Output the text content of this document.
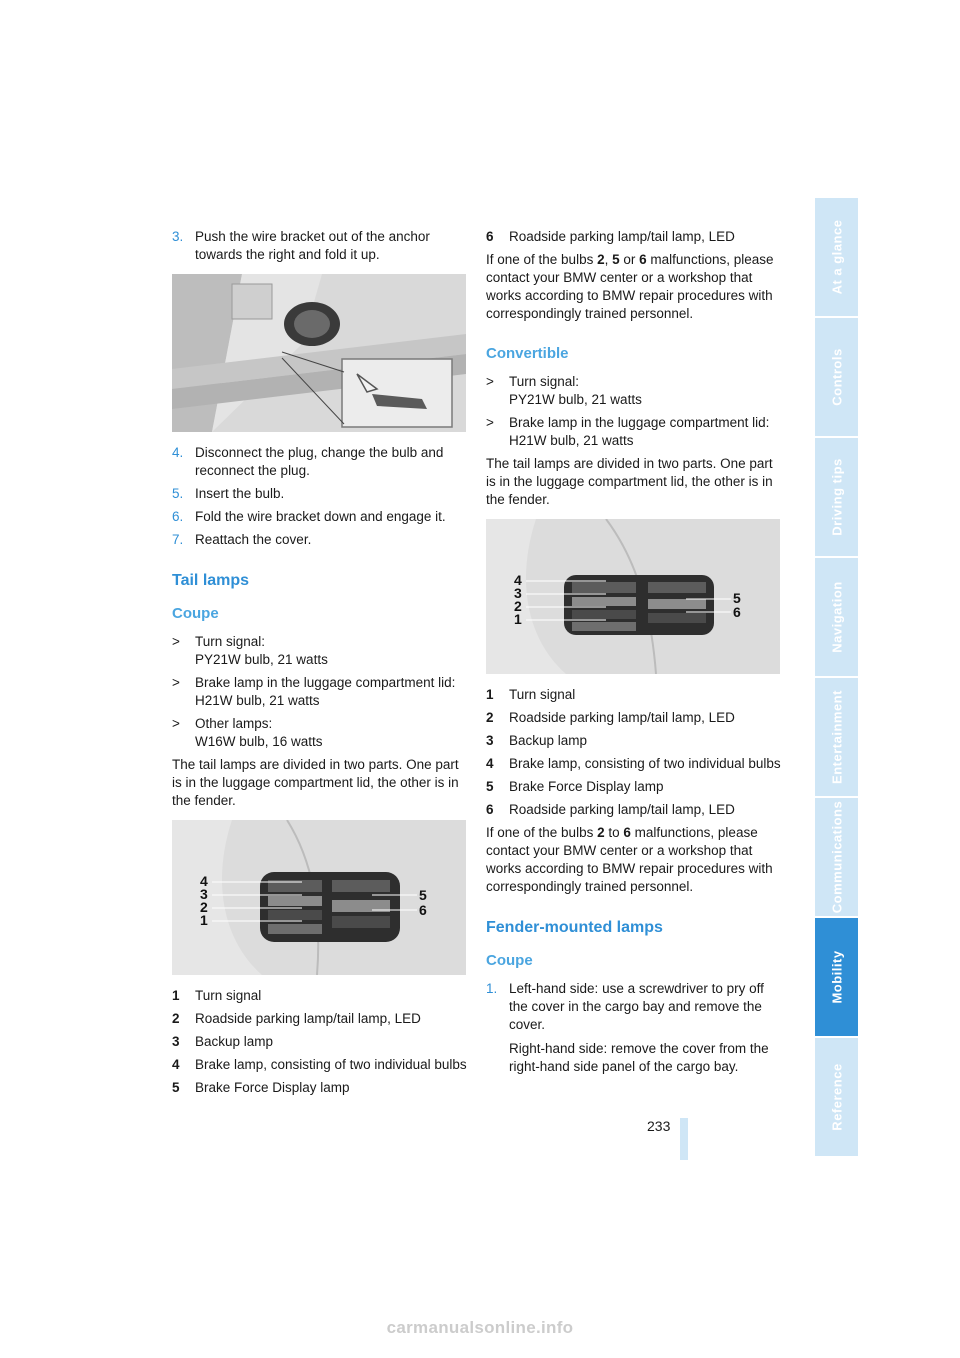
3. Push the wire bracket out of the anchor towards the right and fold it up.
4. Disconnect the plug, change the bulb and reconnect the plug.
5. Insert the bulb.
6. Fold the wire bracket down and engage it.
7. Reattach the cover.
Tail lamps
Coupe
>	Turn signal:
PY21W bulb, 21 watts
>	Brake lamp in the luggage compartment lid:
H21W bulb, 21 watts
>	Other lamps:
W16W bulb, 16 watts

The tail lamps are divided in two parts. One part is in the luggage compartment lid, the other is in the fender.

4
3
2
1
5
6
1	Turn signal
2	Roadside parking lamp/tail lamp, LED
3	Backup lamp
4	Brake lamp, consisting of two individual bulbs
5	Brake Force Display lamp
6	Roadside parking lamp/tail lamp, LED

If one of the bulbs 2, 5 or 6 malfunctions, please contact your BMW center or a workshop that works according to BMW repair procedures with correspondingly trained personnel.

Convertible
>	Turn signal:
PY21W bulb, 21 watts
>	Brake lamp in the luggage compartment lid:
H21W bulb, 21 watts

The tail lamps are divided in two parts. One part is in the luggage compartment lid, the other is in the fender.

4
3
2
1
5
6
1	Turn signal
2	Roadside parking lamp/tail lamp, LED
3	Backup lamp
4	Brake lamp, consisting of two individual bulbs
5	Brake Force Display lamp
6	Roadside parking lamp/tail lamp, LED

If one of the bulbs 2 to 6 malfunctions, please contact your BMW center or a workshop that works according to BMW repair procedures with correspondingly trained personnel.

Fender-mounted lamps
Coupe
1. Left-hand side: use a screwdriver to pry off the cover in the cargo bay and remove the cover.

Right-hand side: remove the cover from the right-hand side panel of the cargo bay.
At a glance
Controls
Driving tips
Navigation
Entertainment
Communications
Mobility
Reference
233
carmanualsonline.info
